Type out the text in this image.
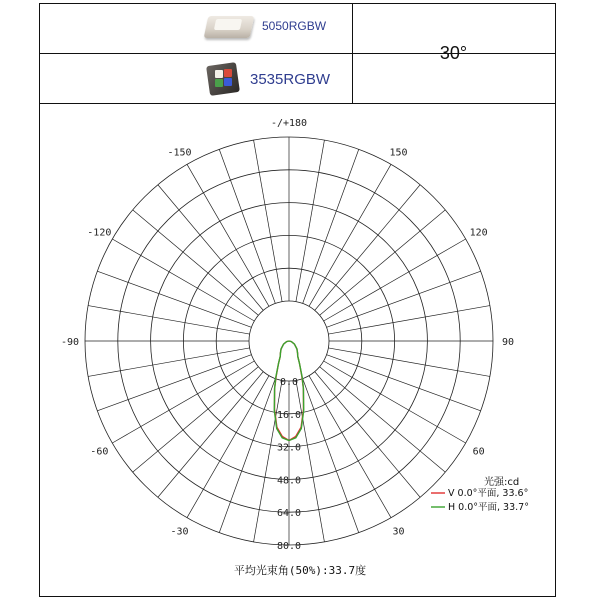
5050RGBW
3535RGBW
30°
0.0
16.0
32.0
48.0
64.0
80.0
-/+180
150
-150
120
-120
90
-90
60
-60
30
-30
光强:cd
V 0.0°平面, 33.6°
H 0.0°平面, 33.7°
平均光束角(50%):33.7度
